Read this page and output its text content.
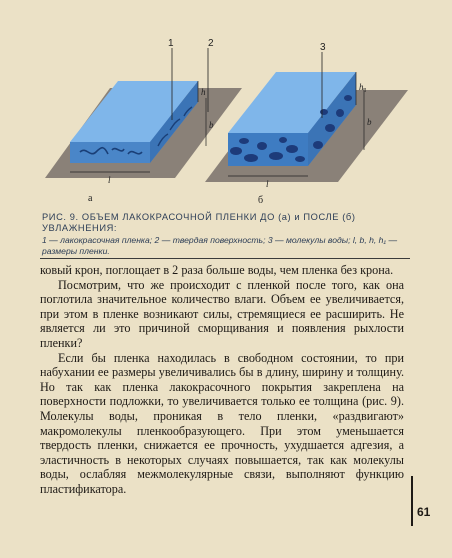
1	2	3
l
h
b
l
h₁
b
а	б
РИС. 9. ОБЪЕМ ЛАКОКРАСОЧНОЙ ПЛЕНКИ ДО (а) и ПОСЛЕ (б) УВЛАЖНЕНИЯ:
1 — лакокрасочная пленка; 2 — твердая поверхность; 3 — молекулы воды; l, b, h, h₁ — размеры пленки.

ковый крон, поглощает в 2 раза больше воды, чем пленка без крона.

Посмотрим, что же происходит с пленкой после того, как она поглотила значительное количество влаги. Объем ее увеличивается, при этом в пленке возникают силы, стремящиеся ее расширить. Не является ли это причиной сморщивания и появления рыхлости пленки?

Если бы пленка находилась в свободном состоянии, то при набухании ее размеры увеличивались бы в длину, ширину и толщину. Но так как пленка лакокрасочного покрытия закреплена на поверхности подложки, то увеличивается только ее толщина (рис. 9). Молекулы воды, проникая в тело пленки, «раздвигают» макромолекулы пленкообразующего. При этом уменьшается твердость пленки, снижается ее прочность, ухудшается адгезия, а эластичность в некоторых случаях повышается, так как молекулы воды, ослабляя межмолекулярные связи, выполняют функцию пластификатора.

61
